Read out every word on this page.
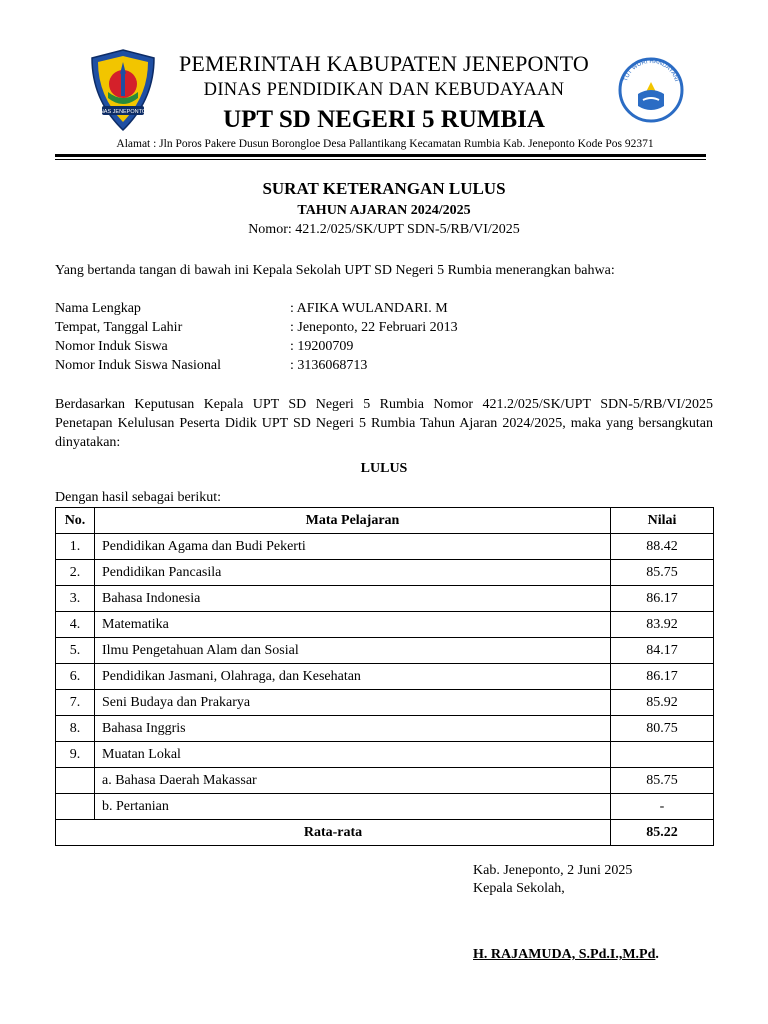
NAS JENEPONTO
TUT WURI HANDAYANI
PEMERINTAH KABUPATEN JENEPONTO
DINAS PENDIDIKAN DAN KEBUDAYAAN
UPT SD NEGERI 5 RUMBIA
Alamat : Jln Poros Pakere Dusun Borongloe Desa Pallantikang Kecamatan Rumbia Kab. Jeneponto Kode Pos 92371
SURAT KETERANGAN LULUS
TAHUN AJARAN 2024/2025
Nomor: 421.2/025/SK/UPT SDN-5/RB/VI/2025
Yang bertanda tangan di bawah ini Kepala Sekolah UPT SD Negeri 5 Rumbia menerangkan bahwa:
Nama Lengkap	: AFIKA WULANDARI. M
Tempat, Tanggal Lahir	: Jeneponto, 22 Februari 2013
Nomor Induk Siswa	: 19200709
Nomor Induk Siswa Nasional	: 3136068713
Berdasarkan Keputusan Kepala UPT SD Negeri 5 Rumbia Nomor 421.2/025/SK/UPT SDN-5/RB/VI/2025 Penetapan Kelulusan Peserta Didik UPT SD Negeri 5 Rumbia Tahun Ajaran 2024/2025, maka yang bersangkutan dinyatakan:
LULUS
Dengan hasil sebagai berikut:
No.	Mata Pelajaran	Nilai
1.	Pendidikan Agama dan Budi Pekerti	88.42
2.	Pendidikan Pancasila	85.75
3.	Bahasa Indonesia	86.17
4.	Matematika	83.92
5.	Ilmu Pengetahuan Alam dan Sosial	84.17
6.	Pendidikan Jasmani, Olahraga, dan Kesehatan	86.17
7.	Seni Budaya dan Prakarya	85.92
8.	Bahasa Inggris	80.75
9.	Muatan Lokal	
	a. Bahasa Daerah Makassar	85.75
	b. Pertanian	-
Rata-rata		85.22
Kab. Jeneponto, 2 Juni 2025
Kepala Sekolah,
H. RAJAMUDA, S.Pd.I.,M.Pd.
